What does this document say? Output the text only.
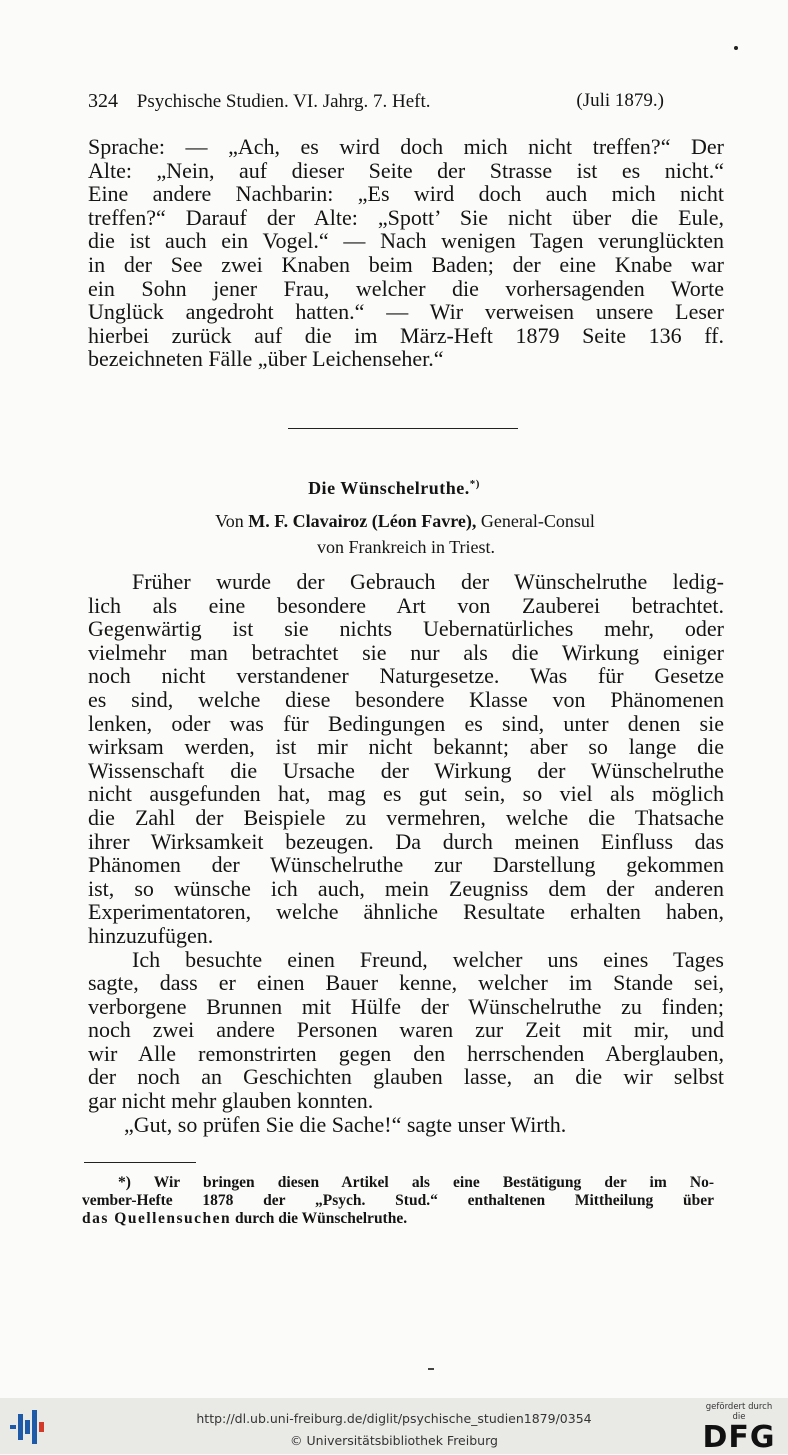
324 Psychische Studien. VI. Jahrg. 7. Heft.	(Juli 1879.)

Sprache: — „Ach, es wird doch mich nicht treffen?“ Der

Alte: „Nein, auf dieser Seite der Strasse ist es nicht.“

Eine andere Nachbarin: „Es wird doch auch mich nicht

treffen?“ Darauf der Alte: „Spott’ Sie nicht über die Eule,

die ist auch ein Vogel.“ — Nach wenigen Tagen verunglückten

in der See zwei Knaben beim Baden; der eine Knabe war

ein Sohn jener Frau, welcher die vorhersagenden Worte

Unglück angedroht hatten.“ — Wir verweisen unsere Leser

hierbei zurück auf die im März-Heft 1879 Seite 136 ff.

bezeichneten Fälle „über Leichenseher.“

Die Wünschelruthe.*)
Von M. F. Clavairoz (Léon Favre), General-Consul
von Frankreich in Triest.

Früher wurde der Gebrauch der Wünschelruthe ledig-

lich als eine besondere Art von Zauberei betrachtet.

Gegenwärtig ist sie nichts Uebernatürliches mehr, oder

vielmehr man betrachtet sie nur als die Wirkung einiger

noch nicht verstandener Naturgesetze. Was für Gesetze

es sind, welche diese besondere Klasse von Phänomenen

lenken, oder was für Bedingungen es sind, unter denen sie

wirksam werden, ist mir nicht bekannt; aber so lange die

Wissenschaft die Ursache der Wirkung der Wünschelruthe

nicht ausgefunden hat, mag es gut sein, so viel als möglich

die Zahl der Beispiele zu vermehren, welche die Thatsache

ihrer Wirksamkeit bezeugen. Da durch meinen Einfluss das

Phänomen der Wünschelruthe zur Darstellung gekommen

ist, so wünsche ich auch, mein Zeugniss dem der anderen

Experimentatoren, welche ähnliche Resultate erhalten haben,

hinzuzufügen.

Ich besuchte einen Freund, welcher uns eines Tages

sagte, dass er einen Bauer kenne, welcher im Stande sei,

verborgene Brunnen mit Hülfe der Wünschelruthe zu finden;

noch zwei andere Personen waren zur Zeit mit mir, und

wir Alle remonstrirten gegen den herrschenden Aberglauben,

der noch an Geschichten glauben lasse, an die wir selbst

gar nicht mehr glauben konnten.

„Gut, so prüfen Sie die Sache!“ sagte unser Wirth.

*) Wir bringen diesen Artikel als eine Bestätigung der im No-

vember-Hefte 1878 der „Psych. Stud.“ enthaltenen Mittheilung über

das Quellensuchen durch die Wünschelruthe.

http://dl.ub.uni-freiburg.de/diglit/psychische_studien1879/0354
© Universitätsbibliothek Freiburg
gefördert durch die
DFG
